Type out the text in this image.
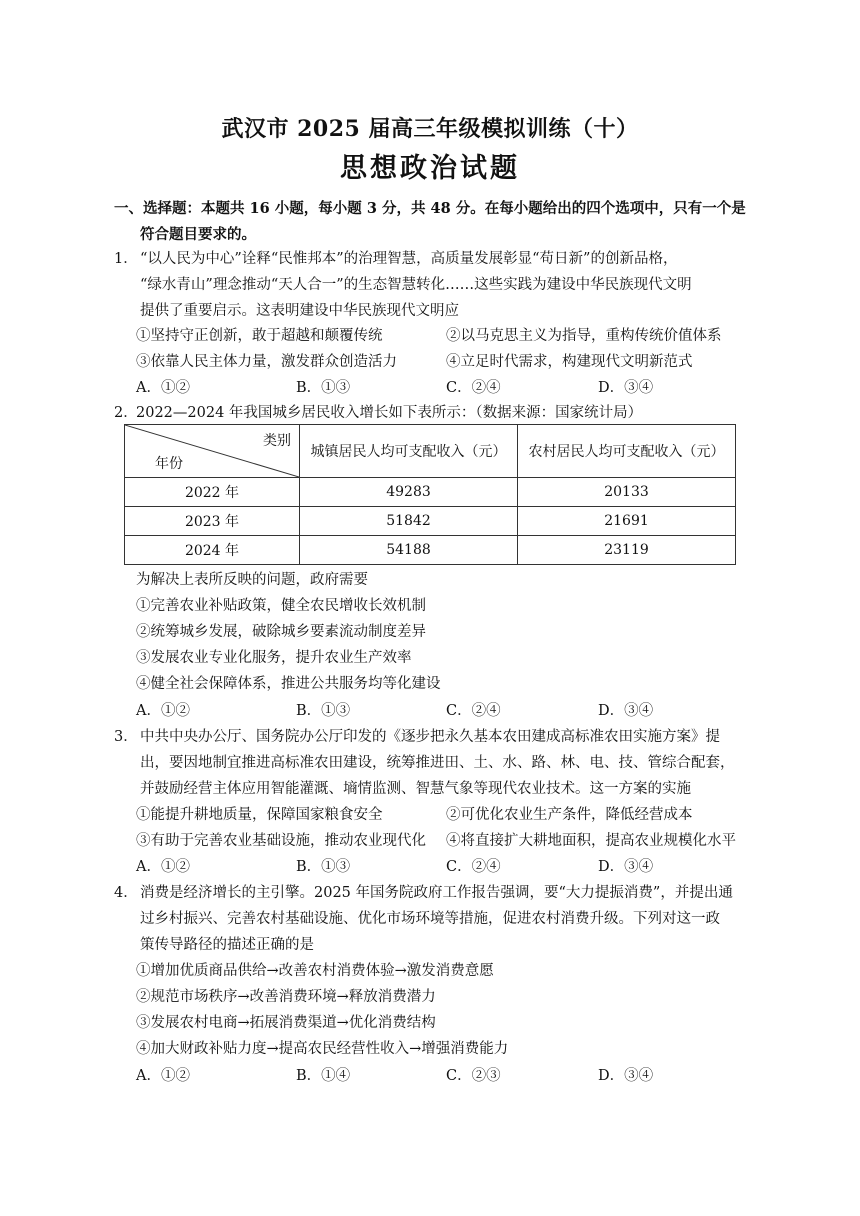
武汉市 2025 届高三年级模拟训练（十）
思想政治试题
一、选择题：本题共 16 小题，每小题 3 分，共 48 分。在每小题给出的四个选项中，只有一个是
符合题目要求的。
1． “以人民为中心”诠释“民惟邦本”的治理智慧，高质量发展彰显“苟日新”的创新品格，
“绿水青山”理念推动“天人合一”的生态智慧转化……这些实践为建设中华民族现代文明
提供了重要启示。这表明建设中华民族现代文明应
①坚持守正创新，敢于超越和颠覆传统	②以马克思主义为指导，重构传统价值体系
③依靠人民主体力量，激发群众创造活力	④立足时代需求，构建现代文明新范式
A．①②	B．①③	C．②④	D．③④
2．
2022—2024 年我国城乡居民收入增长如下表所示：（数据来源：国家统计局）
类别
年份	城镇居民人均可支配收入（元）	农村居民人均可支配收入（元）
2022 年	49283	20133
2023 年	51842	21691
2024 年	54188	23119
为解决上表所反映的问题，政府需要
①完善农业补贴政策，健全农民增收长效机制
②统筹城乡发展，破除城乡要素流动制度差异
③发展农业专业化服务，提升农业生产效率
④健全社会保障体系，推进公共服务均等化建设
A．①②	B．①③	C．②④	D．③④
3． 中共中央办公厅、国务院办公厅印发的《逐步把永久基本农田建成高标准农田实施方案》提
出，要因地制宜推进高标准农田建设，统筹推进田、土、水、路、林、电、技、管综合配套，
并鼓励经营主体应用智能灌溉、墒情监测、智慧气象等现代农业技术。这一方案的实施
①能提升耕地质量，保障国家粮食安全	②可优化农业生产条件，降低经营成本
③有助于完善农业基础设施，推动农业现代化 ④将直接扩大耕地面积，提高农业规模化水平
A．①②	B．①③	C．②④	D．③④
4． 消费是经济增长的主引擎。2025 年国务院政府工作报告强调，要“大力提振消费”，并提出通
过乡村振兴、完善农村基础设施、优化市场环境等措施，促进农村消费升级。下列对这一政
策传导路径的描述正确的是
①增加优质商品供给→改善农村消费体验→激发消费意愿
②规范市场秩序→改善消费环境→释放消费潜力
③发展农村电商→拓展消费渠道→优化消费结构
④加大财政补贴力度→提高农民经营性收入→增强消费能力
A．①②	B．①④	C．②③	D．③④
